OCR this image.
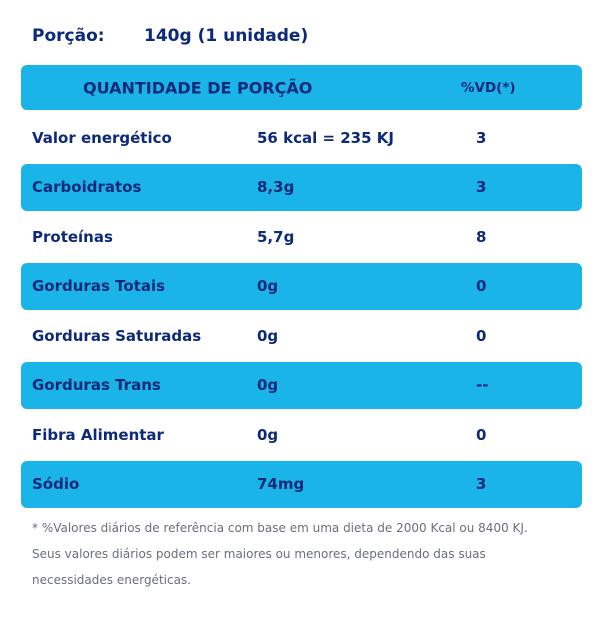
Porção: 140g (1 unidade)
QUANTIDADE DE PORÇÃO	%VD(*)
Valor energético	56 kcal = 235 KJ	3
Carboidratos	8,3g	3
Proteínas	5,7g	8
Gorduras Totais	0g	0
Gorduras Saturadas	0g	0
Gorduras Trans	0g	--
Fibra Alimentar	0g	0
Sódio	74mg	3
* %Valores diários de referência com base em uma dieta de 2000 Kcal ou 8400 KJ.
Seus valores diários podem ser maiores ou menores, dependendo das suas
necessidades energéticas.
